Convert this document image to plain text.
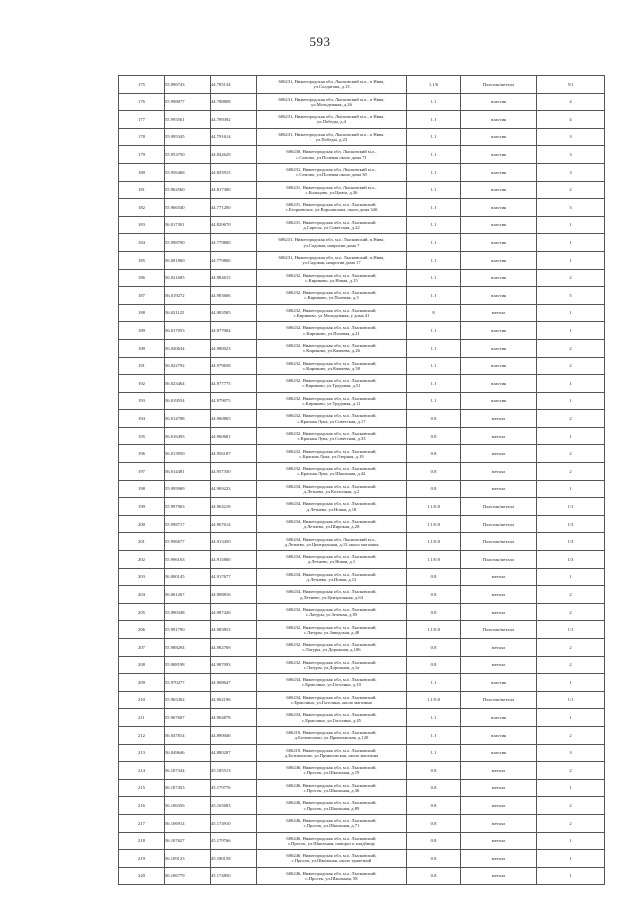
593
175	55.996743	44.785134	606231, Нижегородская обл, Лысковский м.о., п Нива,
ул.Солдатова, д.13	1.1/6	Пластик/металл	5/1
176	55.998077	44.788808	606231, Нижегородская обл, Лысковский м.о., п Нива,
ул.Молодежная, д.26	1.1	пластик	4
177	55.995561	44.789392	606231, Нижегородская обл, Лысковский м.о., п Нива,
ул.Победы, д.4	1.1	пластик	4
178	55.995345	44.791614	606231, Нижегородская обл, Лысковский м.о., п Нива,
ул.Победы, д.23	1.1	пластик	3
179	55.953750	44.842629	606230, Нижегородская обл, Лысковский м.о.,
с.Семово, ул.Полевая около дома 71	1.1	пластик	3
180	55.956468	44.835915	606231, Нижегородская обл, Лысковский м.о.,
с.Семово, ул.Полевая около дома 30	1.1	пластик	3
181	55.962560	44.817300	606231, Нижегородская обл, Лысковский м.о.,
с.Кольцово, ул.Цента, д.36	1.1	пластик	2
182	55.966540	44.771200	606231, Нижегородская обл, м.о. Лысковский,
с.Егорьевское, ул.Ворошилова, около дома 34б	1.1	пластик	3
183	56.017301	44.829670	606231, Нижегородская обл, м.о. Лысковский,
д.Саресы, ул.Советская, д.22	1.1	пластик	1
184	55.998700	44.779800	606231, Нижегородская обл, м.о. Лысковский, п.Нива,
ул.Садовая, напротив дома 7	1.1	пластик	1
185	56.001800	44.779800	606231, Нижегородская обл, м.о. Лысковский, п.Нива,
ул.Садовая, напротив дома 17	1.1	пластик	1
186	56.021605	44.984615	606232, Нижегородская обл, м.о. Лысковский,
с.Кириково, ул.Новая, д.15	1.1	пластик	2
187	56.019272	44.983606	606232, Нижегородская обл, м.о. Лысковский,
с.Кириково, ул.Полевая, д.3	1.1	пластик	5
188	56.021125	44.983585	606232, Нижегородская обл, м.о. Лысковский,
с.Кириково, ул.Молодежная, у дома 41	8	металл	1
189	56.017053	44.977004	606232, Нижегородская обл, м.о. Лысковский,
с.Кириково, ул.Полевая, д.21	1.1	пластик	1
190	56.020634	44.980023	606232, Нижегородская обл, м.о. Лысковский,
с.Кириково, ул.Камчева, д.26	1.1	пластик	2
191	56.022792	44.979658	606232, Нижегородская обл, м.о. Лысковский,
с.Кириково, ул.Камчева, д.58	1.1	пластик	2
192	56.023464	44.977775	606232, Нижегородская обл, м.о. Лысковский,
с.Кириково, ул.Трудовая, д.51	1.1	пластик	1
193	56.019554	44.979075	606232, Нижегородская обл, м.о. Лысковский,
с.Кириково, ул.Трудовая, д.11	1.1	пластик	1
194	56.014788	44.960865	606232, Нижегородская обл, м.о. Лысковский,
с.Красная Лука, ул.Советская, д.17	0.8	металл	2
195	56.016493	44.960681	606232, Нижегородская обл, м.о. Лысковский,
с.Красная Лука, ул.Советская, д.33	0.8	металл	1
196	56.013950	44.956187	606232, Нижегородская обл, м.о. Лысковский,
с.Красная Лука, ул.Озерная, д.19	0.8	металл	2
197	56.014481	44.957350	606232, Нижегородская обл, м.о. Лысковский,
с.Красная Лука, ул.Школьная, д.42	0.8	металл	2
198	55.995969	44.909223	606234, Нижегородская обл, м.о. Лысковский,
д.Летнево, ул.Колхозная, д.2	0.8	металл	1
199	55.997963	44.904218	606234, Нижегородская обл, м.о. Лысковский,
д.Летнево, ул.Новая, д.18	1.1/0.8	Пластик/металл	1/1
200	55.998717	44.907614	606234, Нижегородская обл, м.о. Лысковский,
д.Летнево, ул.Широкая, д.28	1.1/0.8	Пластик/металл	1/3
201	55.996677	44.913450	606234, Нижегородская обл, Лысковский м.о.,
д.Летнево, ул.Центральная, д.13 около магазина	1.1/0.8	Пластик/металл	1/3
202	55.996163	44.915800	606234, Нижегородская обл, м.о. Лысковский,
д.Летнево, ул.Новая, д.1	1.1/0.8	Пластик/металл	1/3
203	56.000145	44.917677	606234, Нижегородская обл, м.о. Лысковский,
д.Летнево, ул.Новая, д.13	0.8	металл	1
204	56.001267	44.908816	606234, Нижегородская обл, м.о. Лысковский,
д.Летнево, ул.Центральная, д.63	0.8	металл	2
205	55.990348	44.987426	606232, Нижегородская обл, м.о. Лысковский,
с.Латуры, ул.Зеленая, д.85	0.8	металл	2
206	55.991790	44.983853	606232, Нижегородская обл, м.о. Лысковский,
с.Латуры, ул.Заводская, д.40	1.1/0.8	Пластик/металл	1/1
207	55.988294	44.982769	606232, Нижегородская обл, м.о. Лысковский,
с.Латуры, ул.Дорожная, д.106	0.8	металл	2
208	55.988198	44.987093	606232, Нижегородская обл, м.о. Лысковский,
с.Латуры, ул.Дорожная, д.1а	0.8	металл	2
209	55.970277	44.908647	606234, Нижегородская обл, м.о. Лысковский,
с.Ермолино, ул.Гоголина, д.10	1.1	пластик	1
210	55.965302	44.902196	606234, Нижегородская обл, м.о. Лысковский,
с.Ермолино, ул.Гоголина, около магазина	1.1/0.8	Пластик/металл	1/1
211	55.967607	44.904878	606234, Нижегородская обл, м.о. Лысковский,
с.Ермолино, ул.Гоголина, д.45	1.1	пластик	1
212	56.047814	44.890046	606210, Нижегородская обл, м.о. Лысковский,
д.Ботимолово, ул.Приволжская, д.120	1.1	пластик	2
213	56.049646	44.880207	606210, Нижегородская обл, м.о. Лысковский,
д.Ботимолово, ул.Приволжская, около магазина	1.1	пластик	3
214	56.107344	45.185513	606246, Нижегородская обл, м.о. Лысковский,
с.Просек, ул.Школьная, д.19	0.8	металл	2
215	56.107453	45.179776	606246, Нижегородская обл, м.о. Лысковский,
с.Просек, ул.Школьная, д.36	0.8	металл	1
216	56.106356	45.165683	606246, Нижегородская обл, м.о. Лысковский,
с.Просек, ул.Школьная, д.89	0.8	металл	2
217	56.106914	45.174910	606246, Нижегородская обл, м.о. Лысковский,
с.Просек, ул.Школьная, д.71	0.8	металл	2
218	56.107627	45.179766	606246, Нижегородская обл, м.о. Лысковский,
с.Просек, ул.Школьная, поворот к кладбищу	0.8	металл	1
219	56.109123	45.180158	606246, Нижегородская обл, м.о. Лысковский,
с.Просек, ул.Школьная, около трапезной	0.8	металл	1
220	56.106779	45.174850	606246, Нижегородская обл, м.о. Лысковский,
с.Просек, ул.Школьная, 58	0.8	металл	1
